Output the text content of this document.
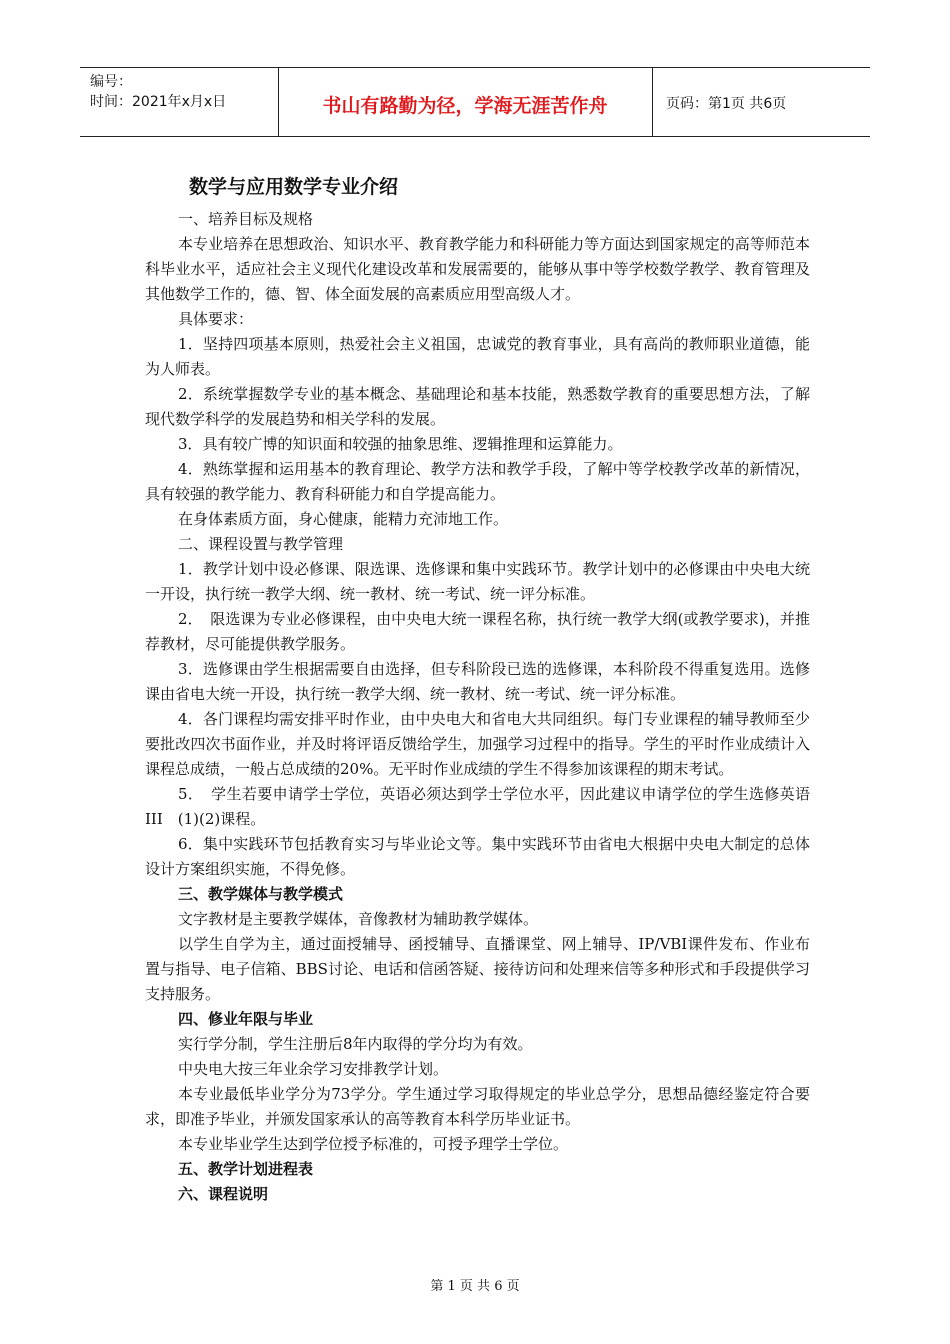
编号：
时间：2021年x月x日	书山有路勤为径，学海无涯苦作舟	页码：第1页 共6页
数学与应用数学专业介绍

一、培养目标及规格

本专业培养在思想政治、知识水平、教育教学能力和科研能力等方面达到国家规定的高等师范本科毕业水平，适应社会主义现代化建设改革和发展需要的，能够从事中等学校数学教学、教育管理及其他数学工作的，德、智、体全面发展的高素质应用型高级人才。

具体要求：

1．坚持四项基本原则，热爱社会主义祖国，忠诚党的教育事业，具有高尚的教师职业道德，能为人师表。

2．系统掌握数学专业的基本概念、基础理论和基本技能，熟悉数学教育的重要思想方法，了解现代数学科学的发展趋势和相关学科的发展。

3．具有较广博的知识面和较强的抽象思维、逻辑推理和运算能力。

4．熟练掌握和运用基本的教育理论、教学方法和教学手段，了解中等学校教学改革的新情况，具有较强的教学能力、教育科研能力和自学提高能力。

在身体素质方面，身心健康，能精力充沛地工作。

二、课程设置与教学管理

1．教学计划中设必修课、限选课、选修课和集中实践环节。教学计划中的必修课由中央电大统一开设，执行统一教学大纲、统一教材、统一考试、统一评分标准。

2．　限选课为专业必修课程，由中央电大统一课程名称，执行统一教学大纲(或教学要求)，并推荐教材，尽可能提供教学服务。

3．选修课由学生根据需要自由选择，但专科阶段已选的选修课，本科阶段不得重复选用。选修课由省电大统一开设，执行统一教学大纲、统一教材、统一考试、统一评分标准。

4．各门课程均需安排平时作业，由中央电大和省电大共同组织。每门专业课程的辅导教师至少要批改四次书面作业，并及时将评语反馈给学生，加强学习过程中的指导。学生的平时作业成绩计入课程总成绩，一般占总成绩的20%。无平时作业成绩的学生不得参加该课程的期末考试。

5．　学生若要申请学士学位，英语必须达到学士学位水平，因此建议申请学位的学生选修英语III　(1)(2)课程。

6．集中实践环节包括教育实习与毕业论文等。集中实践环节由省电大根据中央电大制定的总体设计方案组织实施，不得免修。

三、教学媒体与教学模式

文字教材是主要教学媒体，音像教材为辅助教学媒体。

以学生自学为主，通过面授辅导、函授辅导、直播课堂、网上辅导、IP/VBI课件发布、作业布置与指导、电子信箱、BBS讨论、电话和信函答疑、接待访问和处理来信等多种形式和手段提供学习支持服务。

四、修业年限与毕业

实行学分制，学生注册后8年内取得的学分均为有效。

中央电大按三年业余学习安排教学计划。

本专业最低毕业学分为73学分。学生通过学习取得规定的毕业总学分，思想品德经鉴定符合要求，即准予毕业，并颁发国家承认的高等教育本科学历毕业证书。

本专业毕业学生达到学位授予标准的，可授予理学士学位。

五、教学计划进程表

六、课程说明

第 1 页 共 6 页
